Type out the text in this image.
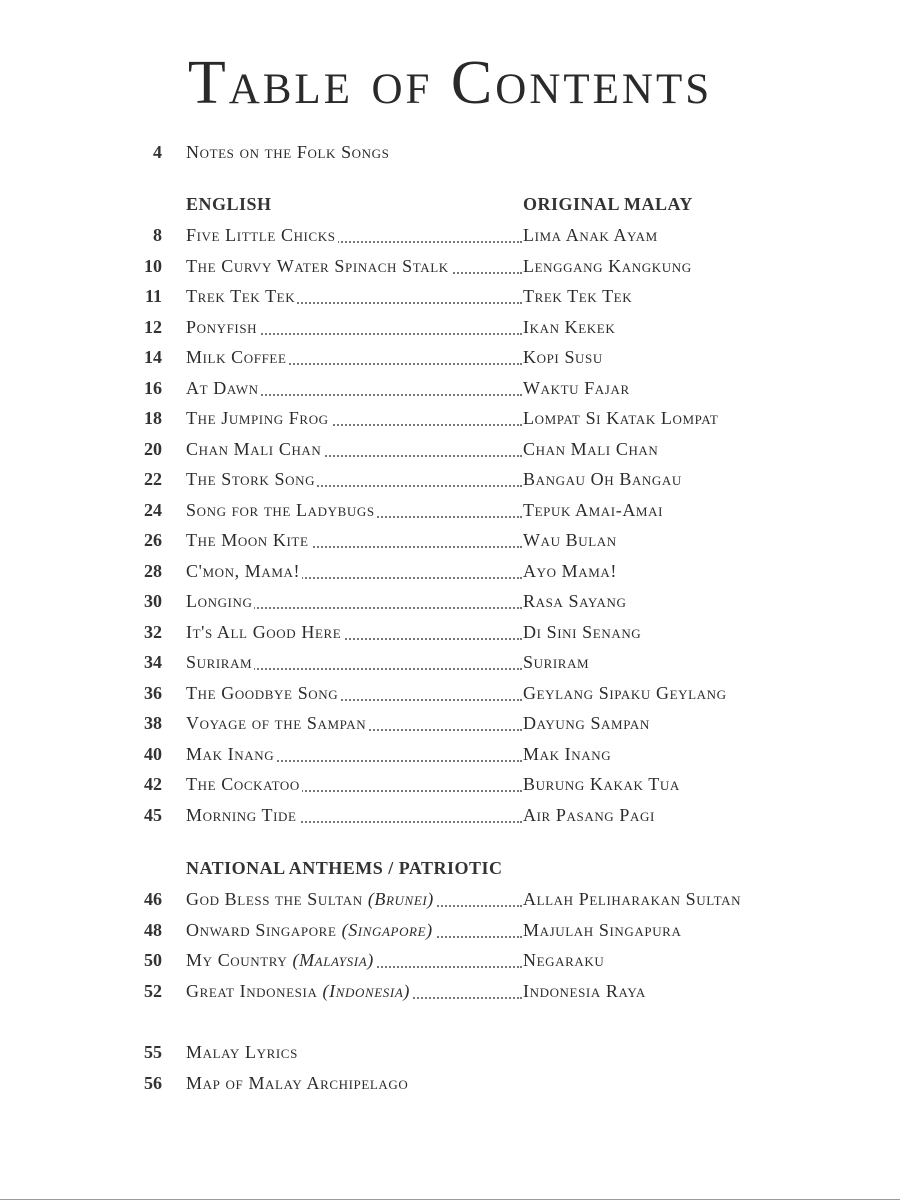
Table of Contents
4 Notes on the Folk Songs
ENGLISH	ORIGINAL MALAY
8 Five Little Chicks	Lima Anak Ayam
10 The Curvy Water Spinach Stalk	Lenggang Kangkung
11 Trek Tek Tek	Trek Tek Tek
12 Ponyfish	Ikan Kekek
14 Milk Coffee	Kopi Susu
16 At Dawn	Waktu Fajar
18 The Jumping Frog	Lompat Si Katak Lompat
20 Chan Mali Chan	Chan Mali Chan
22 The Stork Song	Bangau Oh Bangau
24 Song for the Ladybugs	Tepuk Amai-Amai
26 The Moon Kite	Wau Bulan
28 C'mon, Mama!	Ayo Mama!
30 Longing	Rasa Sayang
32 It's All Good Here	Di Sini Senang
34 Suriram	Suriram
36 The Goodbye Song	Geylang Sipaku Geylang
38 Voyage of the Sampan	Dayung Sampan
40 Mak Inang	Mak Inang
42 The Cockatoo	Burung Kakak Tua
45 Morning Tide	Air Pasang Pagi
NATIONAL ANTHEMS / PATRIOTIC
46 God Bless the Sultan (Brunei)	Allah Peliharakan Sultan
48 Onward Singapore (Singapore)	Majulah Singapura
50 My Country (Malaysia)	Negaraku
52 Great Indonesia (Indonesia)	Indonesia Raya
55 Malay Lyrics
56 Map of Malay Archipelago
